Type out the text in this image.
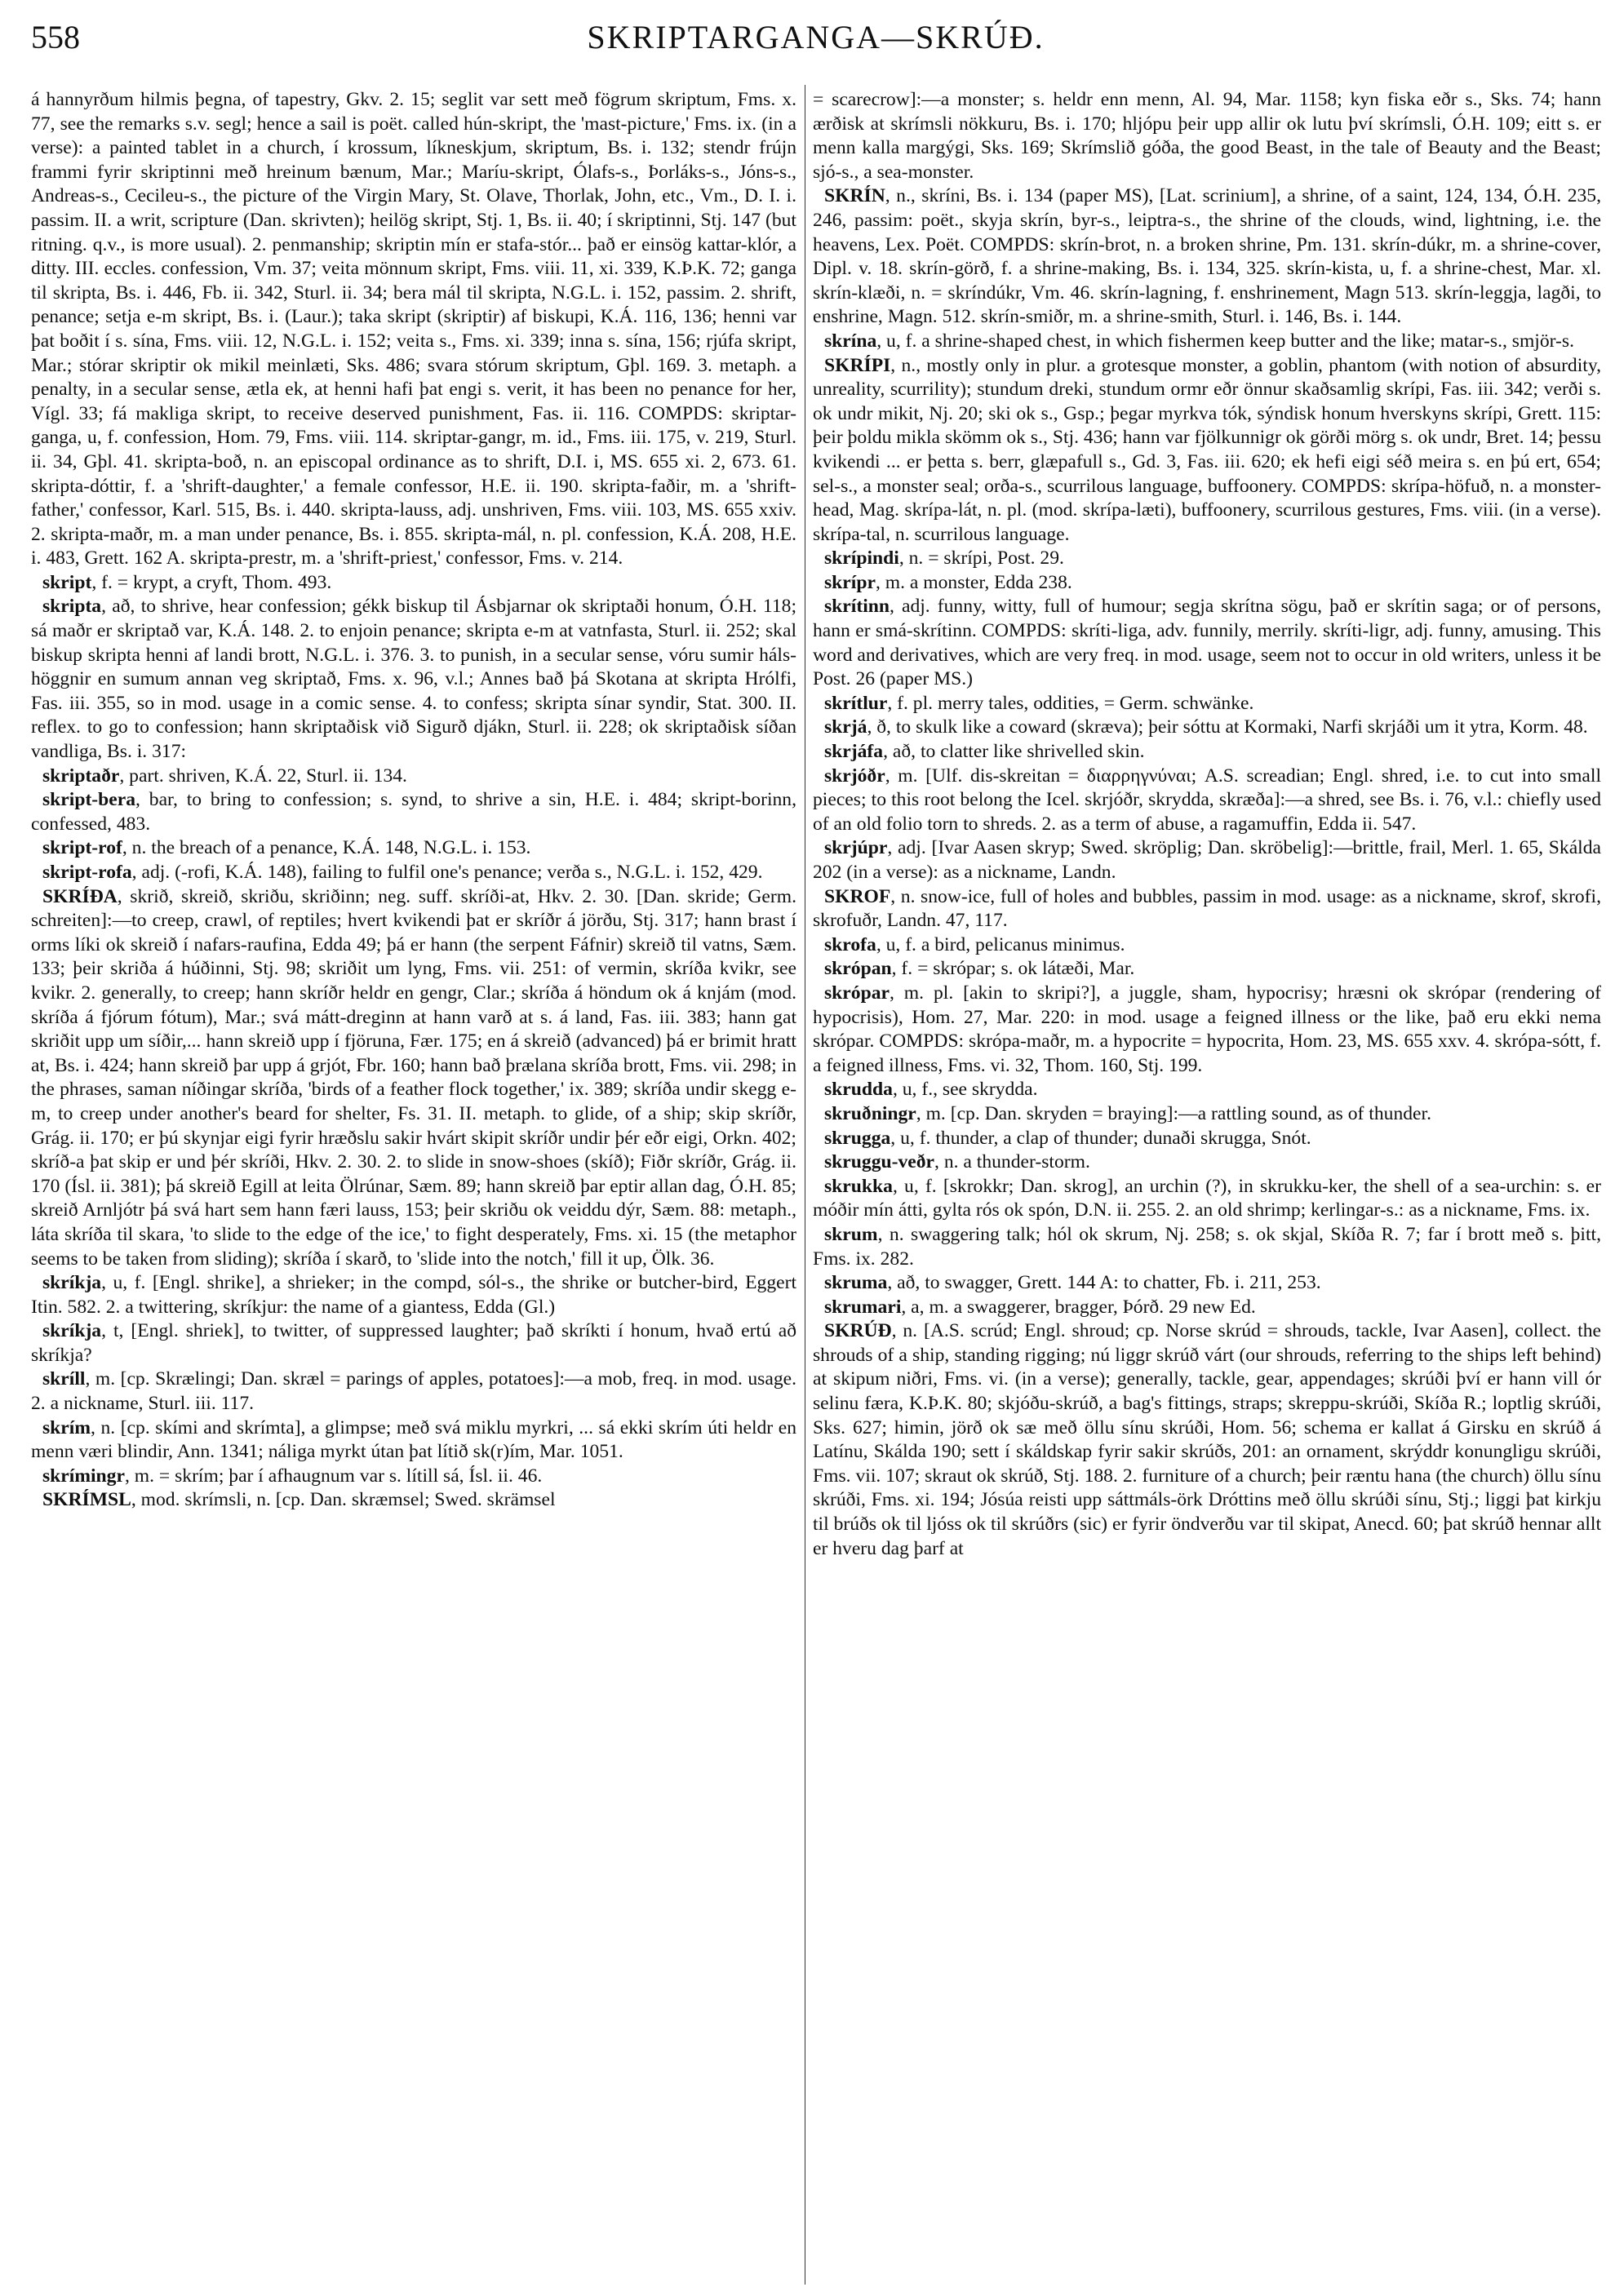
558	SKRIPTARGANGA—SKRÚÐ.

á hannyrðum hilmis þegna, of tapestry, Gkv. 2. 15; seglit var sett með fögrum skriptum, Fms. x. 77, see the remarks s.v. segl; hence a sail is poët. called hún-skript, the 'mast-picture,' Fms. ix. (in a verse): a painted tablet in a church, í krossum, líkneskjum, skriptum, Bs. i. 132; stendr frújn frammi fyrir skriptinni með hreinum bænum, Mar.; Maríu-skript, Ólafs-s., Þorláks-s., Jóns-s., Andreas-s., Cecileu-s., the picture of the Virgin Mary, St. Olave, Thorlak, John, etc., Vm., D. I. i. passim. II. a writ, scripture (Dan. skrivten); heilög skript, Stj. 1, Bs. ii. 40; í skriptinni, Stj. 147 (but ritning. q.v., is more usual). 2. penmanship; skriptin mín er stafa-stór... það er einsög kattar-klór, a ditty. III. eccles. confession, Vm. 37; veita mönnum skript, Fms. viii. 11, xi. 339, K.Þ.K. 72; ganga til skripta, Bs. i. 446, Fb. ii. 342, Sturl. ii. 34; bera mál til skripta, N.G.L. i. 152, passim. 2. shrift, penance; setja e-m skript, Bs. i. (Laur.); taka skript (skriptir) af biskupi, K.Á. 116, 136; henni var þat boðit í s. sína, Fms. viii. 12, N.G.L. i. 152; veita s., Fms. xi. 339; inna s. sína, 156; rjúfa skript, Mar.; stórar skriptir ok mikil meinlæti, Sks. 486; svara stórum skriptum, Gþl. 169. 3. metaph. a penalty, in a secular sense, ætla ek, at henni hafi þat engi s. verit, it has been no penance for her, Vígl. 33; fá makliga skript, to receive deserved punishment, Fas. ii. 116. COMPDS: skriptar-ganga, u, f. confession, Hom. 79, Fms. viii. 114. skriptar-gangr, m. id., Fms. iii. 175, v. 219, Sturl. ii. 34, Gþl. 41. skripta-boð, n. an episcopal ordinance as to shrift, D.I. i, MS. 655 xi. 2, 673. 61. skripta-dóttir, f. a 'shrift-daughter,' a female confessor, H.E. ii. 190. skripta-faðir, m. a 'shrift-father,' confessor, Karl. 515, Bs. i. 440. skripta-lauss, adj. unshriven, Fms. viii. 103, MS. 655 xxiv. 2. skripta-maðr, m. a man under penance, Bs. i. 855. skripta-mál, n. pl. confession, K.Á. 208, H.E. i. 483, Grett. 162 A. skripta-prestr, m. a 'shrift-priest,' confessor, Fms. v. 214.

skript, f. = krypt, a cryft, Thom. 493.

skripta, að, to shrive, hear confession; gékk biskup til Ásbjarnar ok skriptaði honum, Ó.H. 118; sá maðr er skriptað var, K.Á. 148. 2. to enjoin penance; skripta e-m at vatnfasta, Sturl. ii. 252; skal biskup skripta henni af landi brott, N.G.L. i. 376. 3. to punish, in a secular sense, vóru sumir háls-höggnir en sumum annan veg skriptað, Fms. x. 96, v.l.; Annes bað þá Skotana at skripta Hrólfi, Fas. iii. 355, so in mod. usage in a comic sense. 4. to confess; skripta sínar syndir, Stat. 300. II. reflex. to go to confession; hann skriptaðisk við Sigurð djákn, Sturl. ii. 228; ok skriptaðisk síðan vandliga, Bs. i. 317:

skriptaðr, part. shriven, K.Á. 22, Sturl. ii. 134.

skript-bera, bar, to bring to confession; s. synd, to shrive a sin, H.E. i. 484; skript-borinn, confessed, 483.

skript-rof, n. the breach of a penance, K.Á. 148, N.G.L. i. 153.

skript-rofa, adj. (-rofi, K.Á. 148), failing to fulfil one's penance; verða s., N.G.L. i. 152, 429.

SKRÍÐA, skrið, skreið, skriðu, skriðinn; neg. suff. skríði-at, Hkv. 2. 30. [Dan. skride; Germ. schreiten]:—to creep, crawl, of reptiles; hvert kvikendi þat er skríðr á jörðu, Stj. 317; hann brast í orms líki ok skreið í nafars-raufina, Edda 49; þá er hann (the serpent Fáfnir) skreið til vatns, Sæm. 133; þeir skriða á húðinni, Stj. 98; skriðit um lyng, Fms. vii. 251: of vermin, skríða kvikr, see kvikr. 2. generally, to creep; hann skríðr heldr en gengr, Clar.; skríða á höndum ok á knjám (mod. skríða á fjórum fótum), Mar.; svá mátt-dreginn at hann varð at s. á land, Fas. iii. 383; hann gat skriðit upp um síðir,... hann skreið upp í fjöruna, Fær. 175; en á skreið (advanced) þá er brimit hratt at, Bs. i. 424; hann skreið þar upp á grjót, Fbr. 160; hann bað þrælana skríða brott, Fms. vii. 298; in the phrases, saman níðingar skríða, 'birds of a feather flock together,' ix. 389; skríða undir skegg e-m, to creep under another's beard for shelter, Fs. 31. II. metaph. to glide, of a ship; skip skríðr, Grág. ii. 170; er þú skynjar eigi fyrir hræðslu sakir hvárt skipit skríðr undir þér eðr eigi, Orkn. 402; skríð-a þat skip er und þér skríði, Hkv. 2. 30. 2. to slide in snow-shoes (skíð); Fiðr skríðr, Grág. ii. 170 (Ísl. ii. 381); þá skreið Egill at leita Ölrúnar, Sæm. 89; hann skreið þar eptir allan dag, Ó.H. 85; skreið Arnljótr þá svá hart sem hann færi lauss, 153; þeir skriðu ok veiddu dýr, Sæm. 88: metaph., láta skríða til skara, 'to slide to the edge of the ice,' to fight desperately, Fms. xi. 15 (the metaphor seems to be taken from sliding); skríða í skarð, to 'slide into the notch,' fill it up, Ölk. 36.

skríkja, u, f. [Engl. shrike], a shrieker; in the compd, sól-s., the shrike or butcher-bird, Eggert Itin. 582. 2. a twittering, skríkjur: the name of a giantess, Edda (Gl.)

skríkja, t, [Engl. shriek], to twitter, of suppressed laughter; það skríkti í honum, hvað ertú að skríkja?

skríll, m. [cp. Skrælingi; Dan. skræl = parings of apples, potatoes]:—a mob, freq. in mod. usage. 2. a nickname, Sturl. iii. 117.

skrím, n. [cp. skími and skrímta], a glimpse; með svá miklu myrkri, ... sá ekki skrím úti heldr en menn væri blindir, Ann. 1341; náliga myrkt útan þat lítið sk(r)ím, Mar. 1051.

skrímingr, m. = skrím; þar í afhaugnum var s. lítill sá, Ísl. ii. 46.

SKRÍMSL, mod. skrímsli, n. [cp. Dan. skræmsel; Swed. skrämsel

= scarecrow]:—a monster; s. heldr enn menn, Al. 94, Mar. 1158; kyn fiska eðr s., Sks. 74; hann ærðisk at skrímsli nökkuru, Bs. i. 170; hljópu þeir upp allir ok lutu því skrímsli, Ó.H. 109; eitt s. er menn kalla margýgi, Sks. 169; Skrímslið góða, the good Beast, in the tale of Beauty and the Beast; sjó-s., a sea-monster.

SKRÍN, n., skríni, Bs. i. 134 (paper MS), [Lat. scrinium], a shrine, of a saint, 124, 134, Ó.H. 235, 246, passim: poët., skyja skrín, byr-s., leiptra-s., the shrine of the clouds, wind, lightning, i.e. the heavens, Lex. Poët. COMPDS: skrín-brot, n. a broken shrine, Pm. 131. skrín-dúkr, m. a shrine-cover, Dipl. v. 18. skrín-görð, f. a shrine-making, Bs. i. 134, 325. skrín-kista, u, f. a shrine-chest, Mar. xl. skrín-klæði, n. = skríndúkr, Vm. 46. skrín-lagning, f. enshrinement, Magn 513. skrín-leggja, lagði, to enshrine, Magn. 512. skrín-smiðr, m. a shrine-smith, Sturl. i. 146, Bs. i. 144.

skrína, u, f. a shrine-shaped chest, in which fishermen keep butter and the like; matar-s., smjör-s.

SKRÍPI, n., mostly only in plur. a grotesque monster, a goblin, phantom (with notion of absurdity, unreality, scurrility); stundum dreki, stundum ormr eðr önnur skaðsamlig skrípi, Fas. iii. 342; verði s. ok undr mikit, Nj. 20; ski ok s., Gsp.; þegar myrkva tók, sýndisk honum hverskyns skrípi, Grett. 115: þeir þoldu mikla skömm ok s., Stj. 436; hann var fjölkunnigr ok görði mörg s. ok undr, Bret. 14; þessu kvikendi ... er þetta s. berr, glæpafull s., Gd. 3, Fas. iii. 620; ek hefi eigi séð meira s. en þú ert, 654; sel-s., a monster seal; orða-s., scurrilous language, buffoonery. COMPDS: skrípa-höfuð, n. a monster-head, Mag. skrípa-lát, n. pl. (mod. skrípa-læti), buffoonery, scurrilous gestures, Fms. viii. (in a verse). skrípa-tal, n. scurrilous language.

skrípindi, n. = skrípi, Post. 29.

skrípr, m. a monster, Edda 238.

skrítinn, adj. funny, witty, full of humour; segja skrítna sögu, það er skrítin saga; or of persons, hann er smá-skrítinn. COMPDS: skríti-liga, adv. funnily, merrily. skríti-ligr, adj. funny, amusing. This word and derivatives, which are very freq. in mod. usage, seem not to occur in old writers, unless it be Post. 26 (paper MS.)

skrítlur, f. pl. merry tales, oddities, = Germ. schwänke.

skrjá, ð, to skulk like a coward (skræva); þeir sóttu at Kormaki, Narfi skrjáði um it ytra, Korm. 48.

skrjáfa, að, to clatter like shrivelled skin.

skrjóðr, m. [Ulf. dis-skreitan = διαρρηγνύναι; A.S. screadian; Engl. shred, i.e. to cut into small pieces; to this root belong the Icel. skrjóðr, skrydda, skræða]:—a shred, see Bs. i. 76, v.l.: chiefly used of an old folio torn to shreds. 2. as a term of abuse, a ragamuffin, Edda ii. 547.

skrjúpr, adj. [Ivar Aasen skryp; Swed. skröplig; Dan. skröbelig]:—brittle, frail, Merl. 1. 65, Skálda 202 (in a verse): as a nickname, Landn.

SKROF, n. snow-ice, full of holes and bubbles, passim in mod. usage: as a nickname, skrof, skrofi, skrofuðr, Landn. 47, 117.

skrofa, u, f. a bird, pelicanus minimus.

skrópan, f. = skrópar; s. ok látæði, Mar.

skrópar, m. pl. [akin to skripi?], a juggle, sham, hypocrisy; hræsni ok skrópar (rendering of hypocrisis), Hom. 27, Mar. 220: in mod. usage a feigned illness or the like, það eru ekki nema skrópar. COMPDS: skrópa-maðr, m. a hypocrite = hypocrita, Hom. 23, MS. 655 xxv. 4. skrópa-sótt, f. a feigned illness, Fms. vi. 32, Thom. 160, Stj. 199.

skrudda, u, f., see skrydda.

skruðningr, m. [cp. Dan. skryden = braying]:—a rattling sound, as of thunder.

skrugga, u, f. thunder, a clap of thunder; dunaði skrugga, Snót.

skruggu-veðr, n. a thunder-storm.

skrukka, u, f. [skrokkr; Dan. skrog], an urchin (?), in skrukku-ker, the shell of a sea-urchin: s. er móðir mín átti, gylta rós ok spón, D.N. ii. 255. 2. an old shrimp; kerlingar-s.: as a nickname, Fms. ix.

skrum, n. swaggering talk; hól ok skrum, Nj. 258; s. ok skjal, Skíða R. 7; far í brott með s. þitt, Fms. ix. 282.

skruma, að, to swagger, Grett. 144 A: to chatter, Fb. i. 211, 253.

skrumari, a, m. a swaggerer, bragger, Þórð. 29 new Ed.

SKRÚÐ, n. [A.S. scrúd; Engl. shroud; cp. Norse skrúd = shrouds, tackle, Ivar Aasen], collect. the shrouds of a ship, standing rigging; nú liggr skrúð várt (our shrouds, referring to the ships left behind) at skipum niðri, Fms. vi. (in a verse); generally, tackle, gear, appendages; skrúði því er hann vill ór selinu færa, K.Þ.K. 80; skjóðu-skrúð, a bag's fittings, straps; skreppu-skrúði, Skíða R.; loptlig skrúði, Sks. 627; himin, jörð ok sæ með öllu sínu skrúði, Hom. 56; schema er kallat á Girsku en skrúð á Latínu, Skálda 190; sett í skáldskap fyrir sakir skrúðs, 201: an ornament, skrýddr konungligu skrúði, Fms. vii. 107; skraut ok skrúð, Stj. 188. 2. furniture of a church; þeir ræntu hana (the church) öllu sínu skrúði, Fms. xi. 194; Jósúa reisti upp sáttmáls-örk Dróttins með öllu skrúði sínu, Stj.; liggi þat kirkju til brúðs ok til ljóss ok til skrúðrs (sic) er fyrir öndverðu var til skipat, Anecd. 60; þat skrúð hennar allt er hveru dag þarf at
